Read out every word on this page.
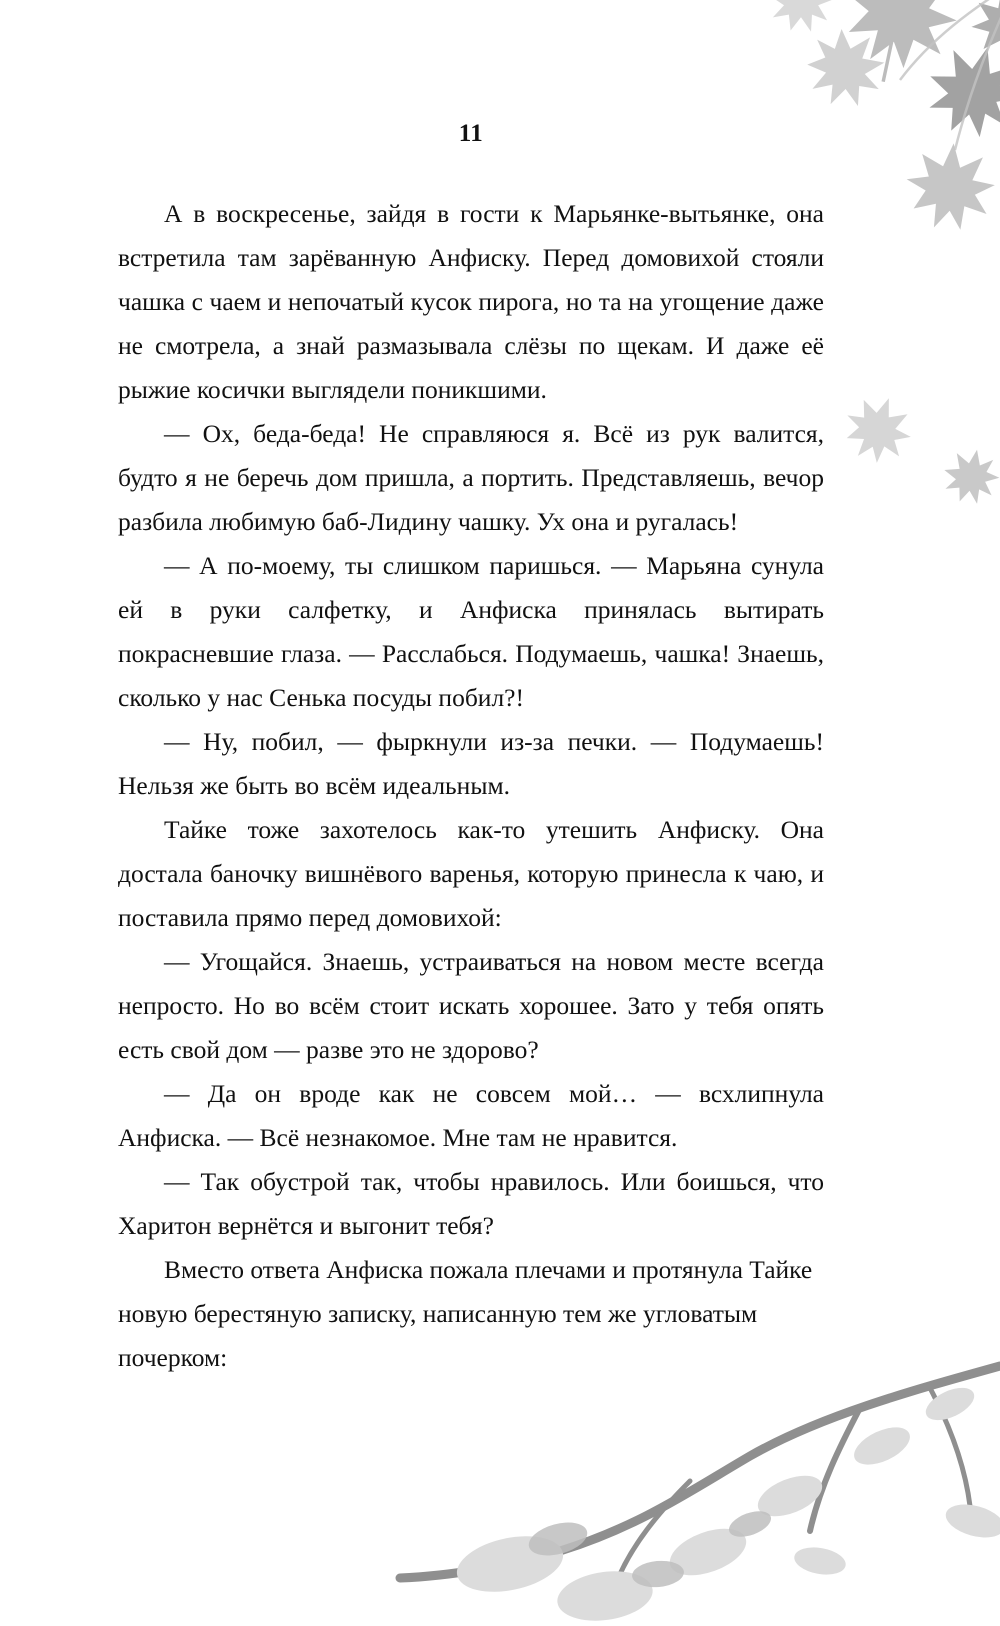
11

А в воскресенье, зайдя в гости к Марьянке-вытьянке, она встретила там зарёванную Анфиску. Перед домовихой стояли чашка с чаем и непочатый кусок пирога, но та на угощение даже не смотрела, а знай размазывала слёзы по щекам. И даже её рыжие косички выглядели поникшими.

— Ох, беда-беда! Не справляюся я. Всё из рук валится, будто я не беречь дом пришла, а портить. Представляешь, вечор разбила любимую баб-Лидину чашку. Ух она и ругалась!

— А по-моему, ты слишком паришься. — Марьяна сунула ей в руки салфетку, и Анфиска принялась вытирать покрасневшие глаза. — Расслабься. Подумаешь, чашка! Знаешь, сколько у нас Сенька посуды побил?!

— Ну, побил, — фыркнули из-за печки. — Подумаешь! Нельзя же быть во всём идеальным.

Тайке тоже захотелось как-то утешить Анфиску. Она достала баночку вишнёвого варенья, которую принесла к чаю, и поставила прямо перед домовихой:

— Угощайся. Знаешь, устраиваться на новом месте всегда непросто. Но во всём стоит искать хорошее. Зато у тебя опять есть свой дом — разве это не здорово?

— Да он вроде как не совсем мой… — всхлипнула Анфиска. — Всё незнакомое. Мне там не нравится.

— Так обустрой так, чтобы нравилось. Или боишься, что Харитон вернётся и выгонит тебя?

Вместо ответа Анфиска пожала плечами и протянула Тайке новую берестяную записку, написанную тем же угловатым почерком:
